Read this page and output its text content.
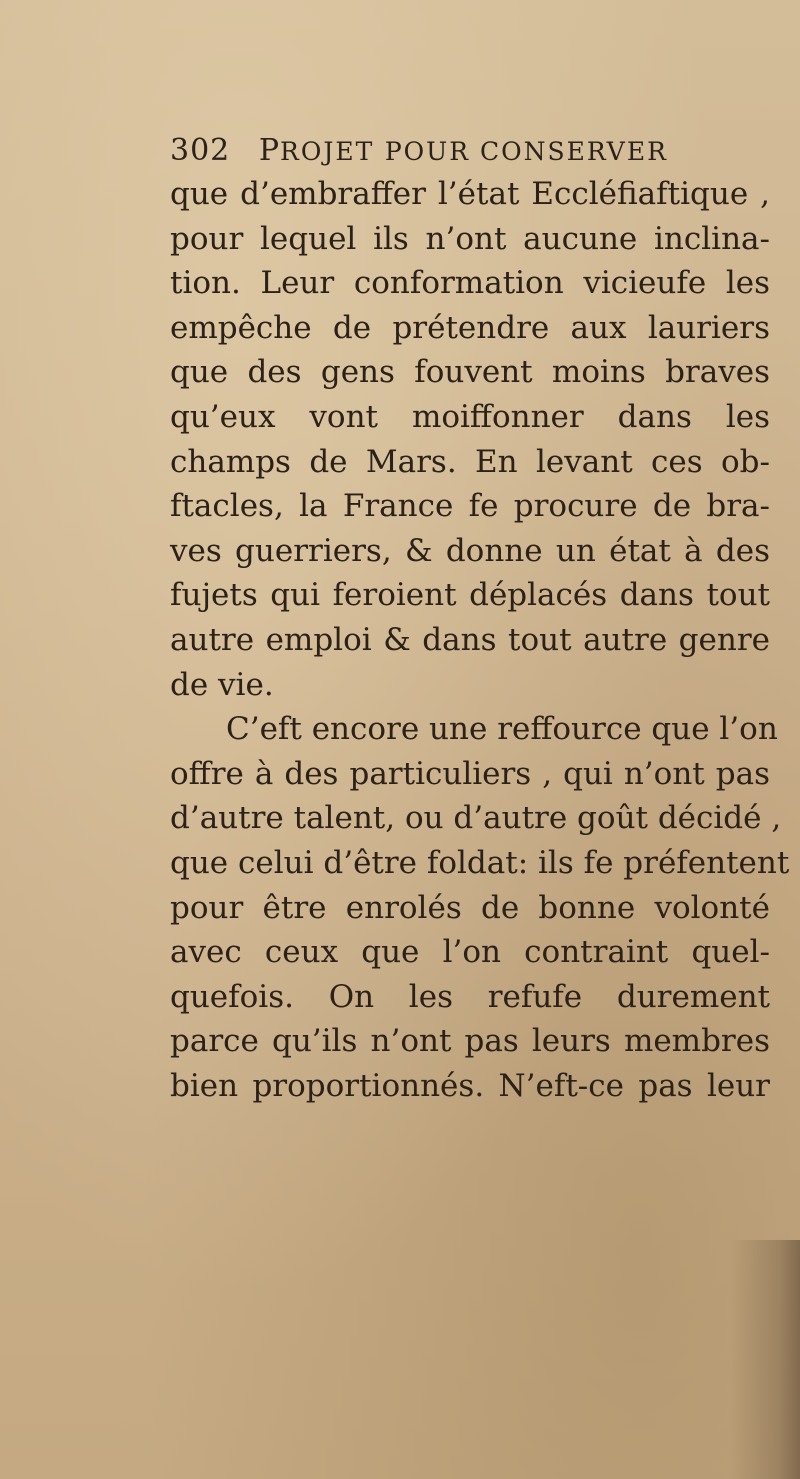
302 PROJET POUR CONSERVER
que d’embraffer l’état Eccléfiaftique ,
pour lequel ils n’ont aucune inclina-
tion. Leur conformation vicieufe les
empêche de prétendre aux lauriers
que des gens fouvent moins braves
qu’eux vont moiffonner dans les
champs de Mars. En levant ces ob-
ftacles, la France fe procure de bra-
ves guerriers, & donne un état à des
fujets qui feroient déplacés dans tout
autre emploi & dans tout autre genre
de vie.
C’eft encore une reffource que l’on
offre à des particuliers , qui n’ont pas
d’autre talent, ou d’autre goût décidé ,
que celui d’être foldat: ils fe préfentent
pour être enrolés de bonne volonté
avec ceux que l’on contraint quel-
quefois. On les refufe durement
parce qu’ils n’ont pas leurs membres
bien proportionnés. N’eft-ce pas leur
